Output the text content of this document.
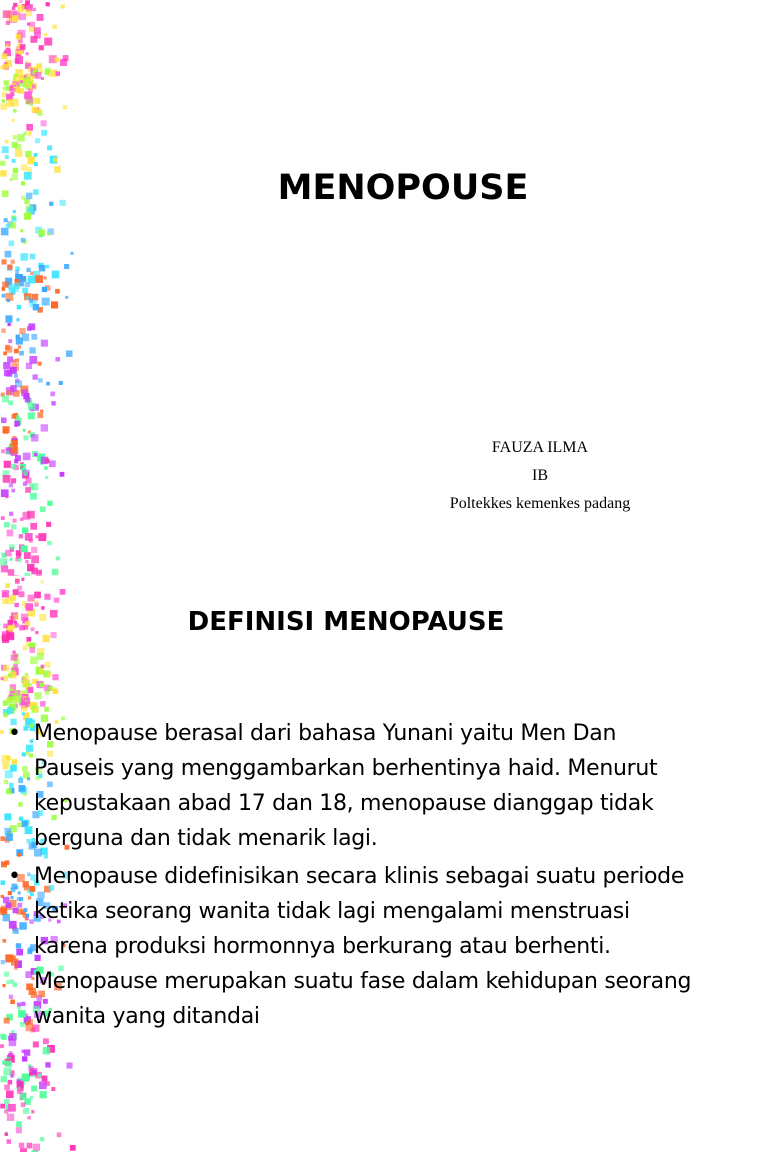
MENOPOUSE
FAUZA ILMA
IB
Poltekkes kemenkes padang
DEFINISI MENOPAUSE
• Menopause berasal dari bahasa Yunani yaitu Men Dan Pauseis yang menggambarkan berhentinya haid. Menurut kepustakaan abad 17 dan 18, menopause dianggap tidak berguna dan tidak menarik lagi.
• Menopause didefinisikan secara klinis sebagai suatu periode ketika seorang wanita tidak lagi mengalami menstruasi karena produksi hormonnya berkurang atau berhenti. Menopause merupakan suatu fase dalam kehidupan seorang wanita yang ditandai
